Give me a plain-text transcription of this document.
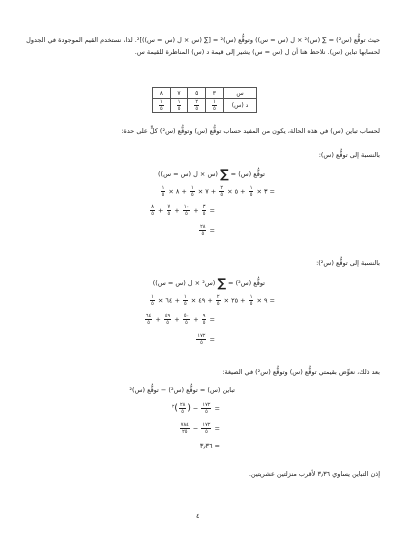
حيث توقُّع (س²) = ∑ (س)² × ل (س = س)) وتوقُّع (س)² = [∑ (س × ل (س = س))]². لذا، نستخدم القيم الموجودة في الجدول لحسابها تباين (س). نلاحظ هنا أن ل (س = س) يشير إلى قيمة د (س) المناظرة للقيمة س.
س	٣	٥	٧	٨
د (س)	$\frac{١}{٥}$	$\frac{٢}{٥}$	$\frac{١}{٥}$	$\frac{١}{٥}$
لحساب تباين (س) في هذه الحالة، يكون من المفيد حساب توقُّع (س) وتوقُّع (س²) كلٍّ على حدة:
بالنسبة إلى توقُّع (س):
توقُّع (س) = ∑ (س × ل (س = س))
= ٣ ×
$\frac{١}{٥}$
+ ٥ ×
$\frac{٢}{٥}$
+ ٧ ×
$\frac{١}{٥}$
+ ٨ ×
$\frac{١}{٥}$
=
$\frac{٣}{٥}$
+
$\frac{١٠}{٥}$
+
$\frac{٧}{٥}$
+
$\frac{٨}{٥}$
=
$\frac{٢٨}{٥}$
بالنسبة إلى توقُّع (س²):
توقُّع (س²) = ∑ (س² × ل (س = س))
= ٩ ×
$\frac{١}{٥}$
+ ٢٥ ×
$\frac{٢}{٥}$
+ ٤٩ ×
$\frac{١}{٥}$
+ ٦٤ ×
$\frac{١}{٥}$
=
$\frac{٩}{٥}$
+
$\frac{٥٠}{٥}$
+
$\frac{٤٩}{٥}$
+
$\frac{٦٤}{٥}$
=
$\frac{١٧٢}{٥}$
بعد ذلك، نعوِّض بقيمتي توقُّع (س) وتوقُّع (س²) في الصيغة:
تباين (س) = توقُّع (س²) − توقُّع (س)²
=
$\frac{١٧٢}{٥}$
− (
$\frac{٢٨}{٥}$
)$^٢$
=
$\frac{١٧٢}{٥}$
−
$\frac{٧٨٤}{٢٥}$
= ٣٫٣٦
إذن التباين يساوي ٣٫٣٦ لأقرب منزلتين عشريتين.
٤
